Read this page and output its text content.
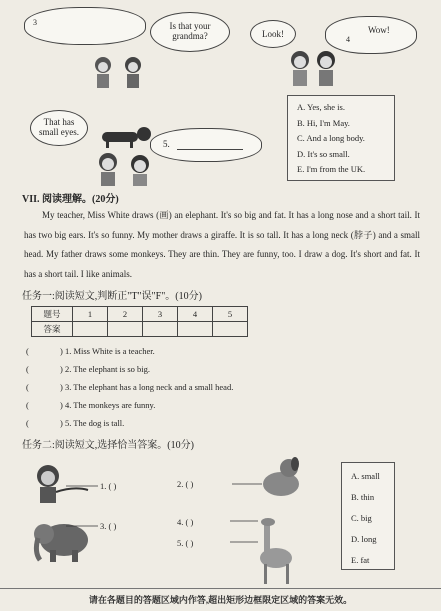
3	Is that your
grandma?	Look!
4
Wow!
That has
small eyes.
5.
A. Yes, she is.
B. Hi, I'm May.
C. And a long body.
D. It's so small.
E. I'm from the UK.
VII. 阅读理解。(20分)
My teacher, Miss White draws (画) an elephant. It's so big and fat. It has a long nose and a short tail. It has two big ears. It's so funny. My mother draws a giraffe. It is so tall. It has a long neck (脖子) and a small head. My father draws some monkeys. They are thin. They are funny, too. I draw a dog. It's short and fat. It has a short tail. I like animals.
任务一:阅读短文,判断正"T"误"F"。(10分)
题号	1	2	3	4	5
答案					
(	) 1. Miss White is a teacher.
(	) 2. The elephant is so big.
(	) 3. The elephant has a long neck and a small head.
(	) 4. The monkeys are funny.
(	) 5. The dog is tall.
任务二:阅读短文,选择恰当答案。(10分)
1. ( )	2. ( )
3. ( )	4. ( )
5. ( )
A. small
B. thin
C. big
D. long
E. fat
请在各题目的答题区域内作答,超出矩形边框限定区域的答案无效。
